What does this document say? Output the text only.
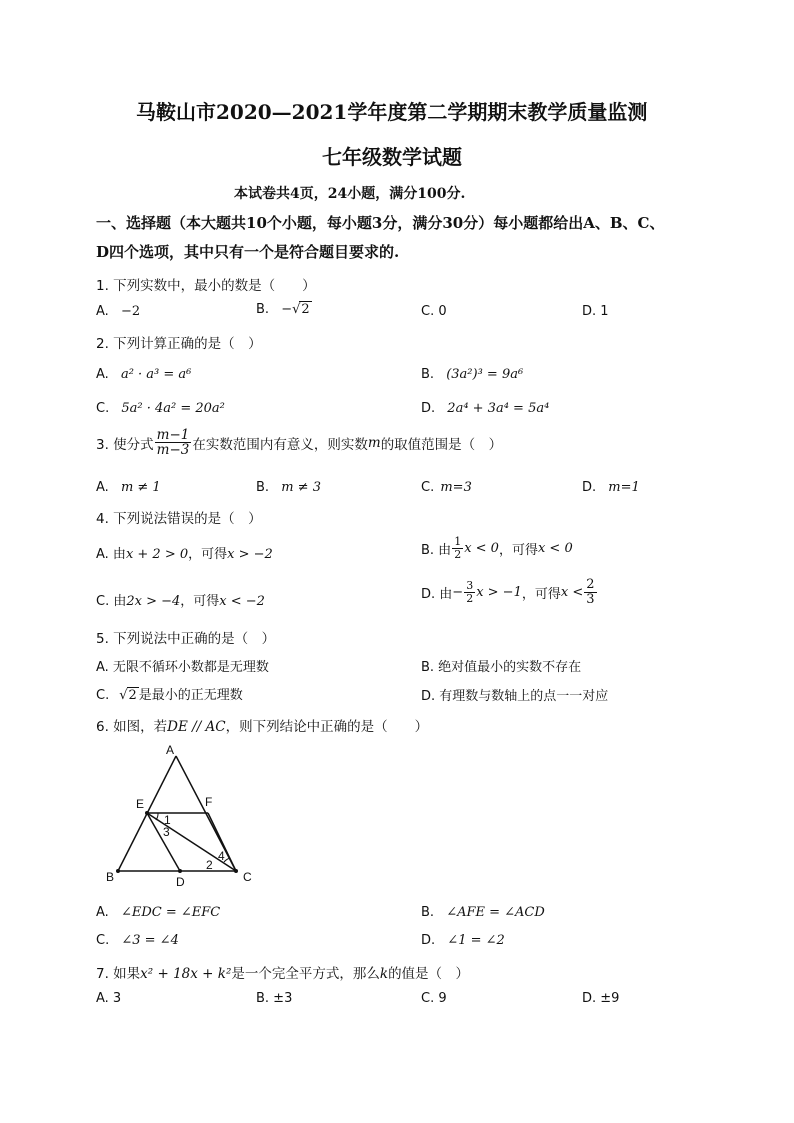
马鞍山市2020—2021学年度第二学期期末教学质量监测
七年级数学试题
本试卷共4页，24小题，满分100分.
一、选择题（本大题共10个小题，每小题3分，满分30分）每小题都给出A、B、C、
D四个选项，其中只有一个是符合题目要求的.
1. 下列实数中，最小的数是（　　）
A. −2	B. −√2	C. 0	D. 1
2. 下列计算正确的是（　）
A. a² · a³ = a⁶	B. (3a²)³ = 9a⁶
C. 5a² · 4a² = 20a²	D. 2a⁴ + 3a⁴ = 5a⁴
3. 使分式 $\frac{m-1}{m-3}$ 在实数范围内有意义，则实数 m 的取值范围是（　）
A. m ≠ 1	B. m ≠ 3	C. m=3	D. m=1
4. 下列说法错误的是（　）
A. 由x + 2 > 0，可得x > −2	B. 由 $\frac{1}{2}$ x < 0 ，可得 x < 0
C. 由2x > −4，可得x < −2	D. 由 − $\frac{3}{2}$ x > −1 ，可得 $x < \frac{2}{3}$
5. 下列说法中正确的是（　）
A. 无限不循环小数都是无理数	B. 绝对值最小的实数不存在
C. √2 是最小的正无理数	D. 有理数与数轴上的点一一对应
6. 如图，若DE // AC，则下列结论中正确的是（　　）
A
E	F
B	D	C
1
3
2
4
A. ∠EDC = ∠EFC	B. ∠AFE = ∠ACD
C. ∠3 = ∠4	D. ∠1 = ∠2
7. 如果x² + 18x + k²是一个完全平方式，那么k的值是（　）
A. 3	B. ±3	C. 9	D. ±9
